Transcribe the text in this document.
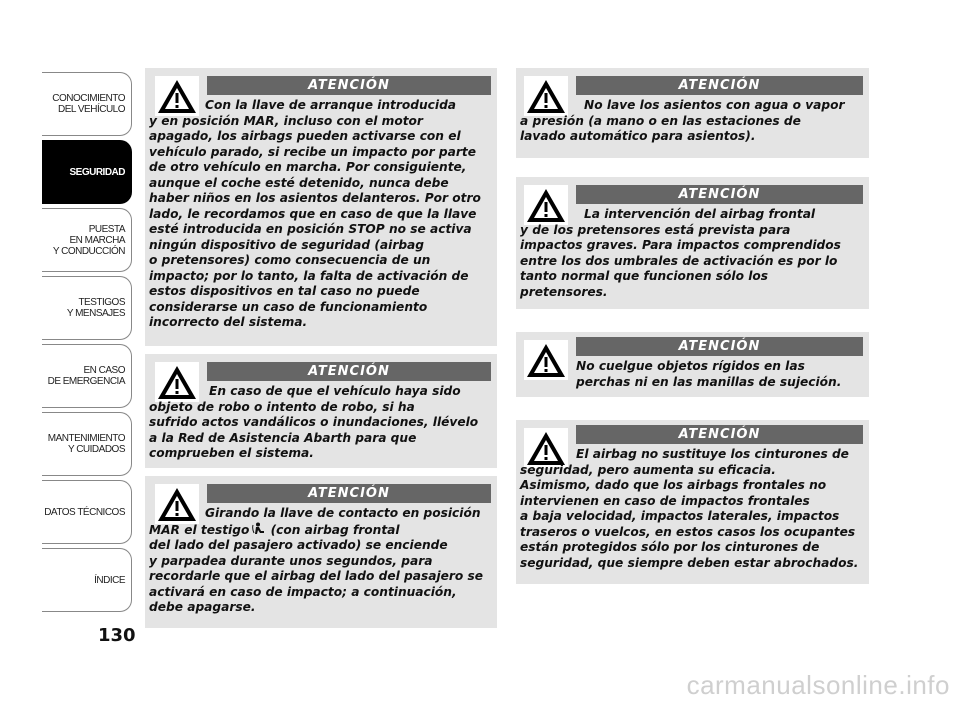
CONOCIMIENTO
DEL VEHÍCULO
SEGURIDAD
PUESTA
EN MARCHA
Y CONDUCCIÓN
TESTIGOS
Y MENSAJES
EN CASO
DE EMERGENCIA
MANTENIMIENTO
Y CUIDADOS
DATOS TÉCNICOS
ÍNDICE
130
ATENCIÓN
Con la llave de arranque introducida
y en posición MAR, incluso con el motor
apagado, los airbags pueden activarse con el
vehículo parado, si recibe un impacto por parte
de otro vehículo en marcha. Por consiguiente,
aunque el coche esté detenido, nunca debe
haber niños en los asientos delanteros. Por otro
lado, le recordamos que en caso de que la llave
esté introducida en posición STOP no se activa
ningún dispositivo de seguridad (airbag
o pretensores) como consecuencia de un
impacto; por lo tanto, la falta de activación de
estos dispositivos en tal caso no puede
considerarse un caso de funcionamiento
incorrecto del sistema.
ATENCIÓN
En caso de que el vehículo haya sido
objeto de robo o intento de robo, si ha
sufrido actos vandálicos o inundaciones, llévelo
a la Red de Asistencia Abarth para que
comprueben el sistema.
ATENCIÓN
Girando la llave de contacto en posición
MAR el testigo (con airbag frontal
del lado del pasajero activado) se enciende
y parpadea durante unos segundos, para
recordarle que el airbag del lado del pasajero se
activará en caso de impacto; a continuación,
debe apagarse.
ATENCIÓN
No lave los asientos con agua o vapor
a presión (a mano o en las estaciones de
lavado automático para asientos).
ATENCIÓN
La intervención del airbag frontal
y de los pretensores está prevista para
impactos graves. Para impactos comprendidos
entre los dos umbrales de activación es por lo
tanto normal que funcionen sólo los
pretensores.
ATENCIÓN
No cuelgue objetos rígidos en las
perchas ni en las manillas de sujeción.
ATENCIÓN
El airbag no sustituye los cinturones de
seguridad, pero aumenta su eficacia.
Asimismo, dado que los airbags frontales no
intervienen en caso de impactos frontales
a baja velocidad, impactos laterales, impactos
traseros o vuelcos, en estos casos los ocupantes
están protegidos sólo por los cinturones de
seguridad, que siempre deben estar abrochados.
carmanualsonline.info
